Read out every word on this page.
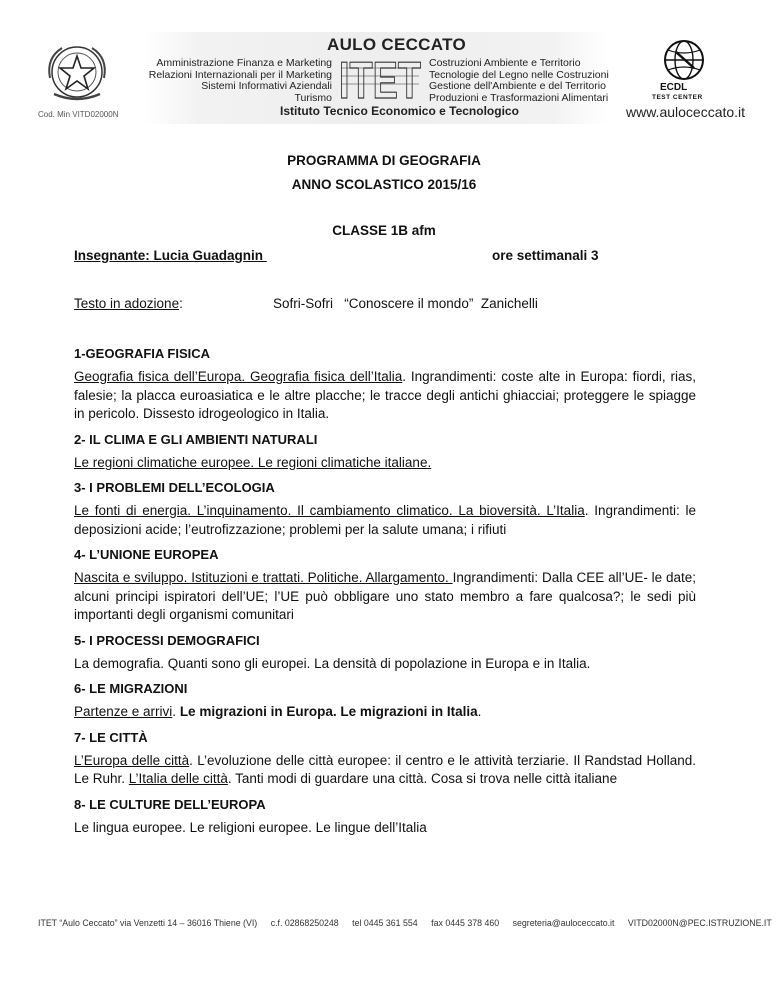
Cod. Min VITD02000N
AULO CECCATO
Amministrazione Finanza e Marketing
Relazioni Internazionali per il Marketing
Sistemi Informativi Aziendali
Turismo ITET Costruzioni Ambiente e Territorio
Tecnologie del Legno nelle Costruzioni
Gestione dell'Ambiente e del Territorio
Produzioni e Trasformazioni Alimentari
Istituto Tecnico Economico e Tecnologico
ECDL
TEST CENTER
www.auloceccato.it
PROGRAMMA DI GEOGRAFIA
ANNO SCOLASTICO 2015/16
CLASSE 1B afm
Insegnante: Lucia Guadagnin	ore settimanali 3
Testo in adozione:	Sofri-Sofri   “Conoscere il mondo”  Zanichelli
1-GEOGRAFIA FISICA
Geografia fisica dell’Europa. Geografia fisica dell’Italia. Ingrandimenti: coste alte in Europa: fiordi, rias, falesie; la placca euroasiatica e le altre placche; le tracce degli antichi ghiacciai; proteggere le spiagge in pericolo. Dissesto idrogeologico in Italia.
2- IL CLIMA E GLI AMBIENTI NATURALI
Le regioni climatiche europee. Le regioni climatiche italiane.
3- I PROBLEMI DELL’ECOLOGIA
Le fonti di energia. L’inquinamento. Il cambiamento climatico. La bioversità. L’Italia. Ingrandimenti: le deposizioni acide; l’eutrofizzazione; problemi per la salute umana; i rifiuti
4- L’UNIONE EUROPEA
Nascita e sviluppo. Istituzioni e trattati. Politiche. Allargamento. Ingrandimenti: Dalla CEE all’UE- le date; alcuni principi ispiratori dell’UE; l’UE può obbligare uno stato membro a fare qualcosa?; le sedi più importanti degli organismi comunitari
5- I PROCESSI DEMOGRAFICI
La demografia. Quanti sono gli europei. La densità di popolazione in Europa e in Italia.
6- LE MIGRAZIONI
Partenze e arrivi. Le migrazioni in Europa. Le migrazioni in Italia.
7- LE CITTÀ
L’Europa delle città. L’evoluzione delle città europee: il centro e le attività terziarie. Il Randstad Holland. Le Ruhr. L’Italia delle città. Tanti modi di guardare una città. Cosa si trova nelle città italiane
8- LE CULTURE DELL’EUROPA
Le lingua europee. Le religioni europee. Le lingue dell’Italia
ITET “Aulo Ceccato” via Venzetti 14 – 36016 Thiene (VI) c.f. 02868250248 tel 0445 361 554 fax 0445 378 460 segreteria@auloceccato.it VITD02000N@PEC.ISTRUZIONE.IT
